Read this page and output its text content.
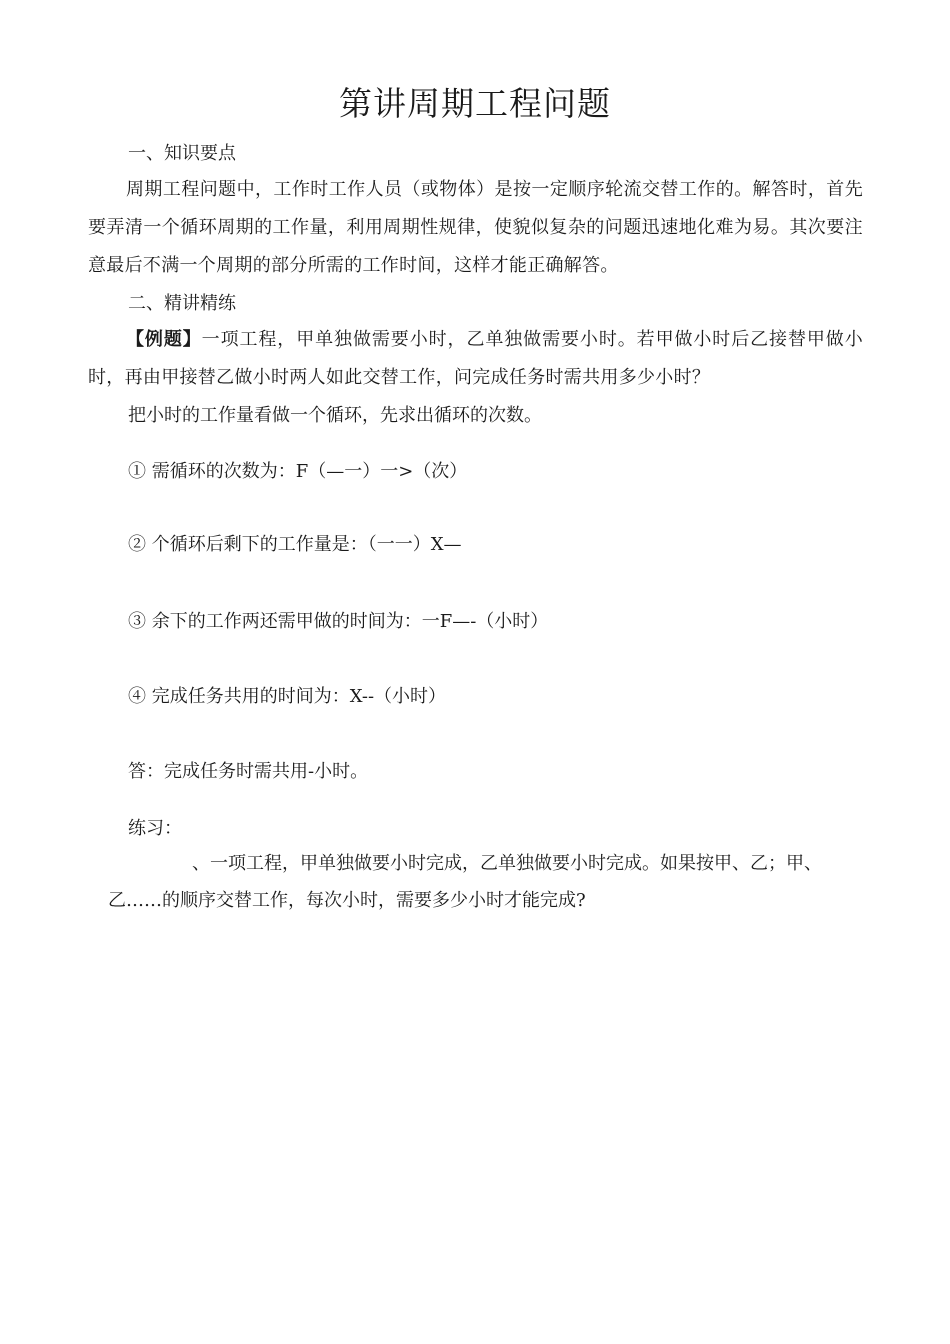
第讲周期工程问题
一、知识要点
周期工程问题中，工作时工作人员（或物体）是按一定顺序轮流交替工作的。解答时，首先要弄清一个循环周期的工作量，利用周期性规律，使貌似复杂的问题迅速地化难为易。其次要注意最后不满一个周期的部分所需的工作时间，这样才能正确解答。
二、精讲精练
【例题】一项工程，甲单独做需要小时，乙单独做需要小时。若甲做小时后乙接替甲做小时，再由甲接替乙做小时两人如此交替工作，问完成任务时需共用多少小时？
把小时的工作量看做一个循环，先求出循环的次数。
① 需循环的次数为：F（—一）一>（次）
② 个循环后剩下的工作量是：（一一）X—
③ 余下的工作两还需甲做的时间为：一F—-（小时）
④ 完成任务共用的时间为：X--（小时）
答：完成任务时需共用-小时。
练习：
、一项工程，甲单独做要小时完成，乙单独做要小时完成。如果按甲、乙；甲、
乙……的顺序交替工作，每次小时，需要多少小时才能完成?
